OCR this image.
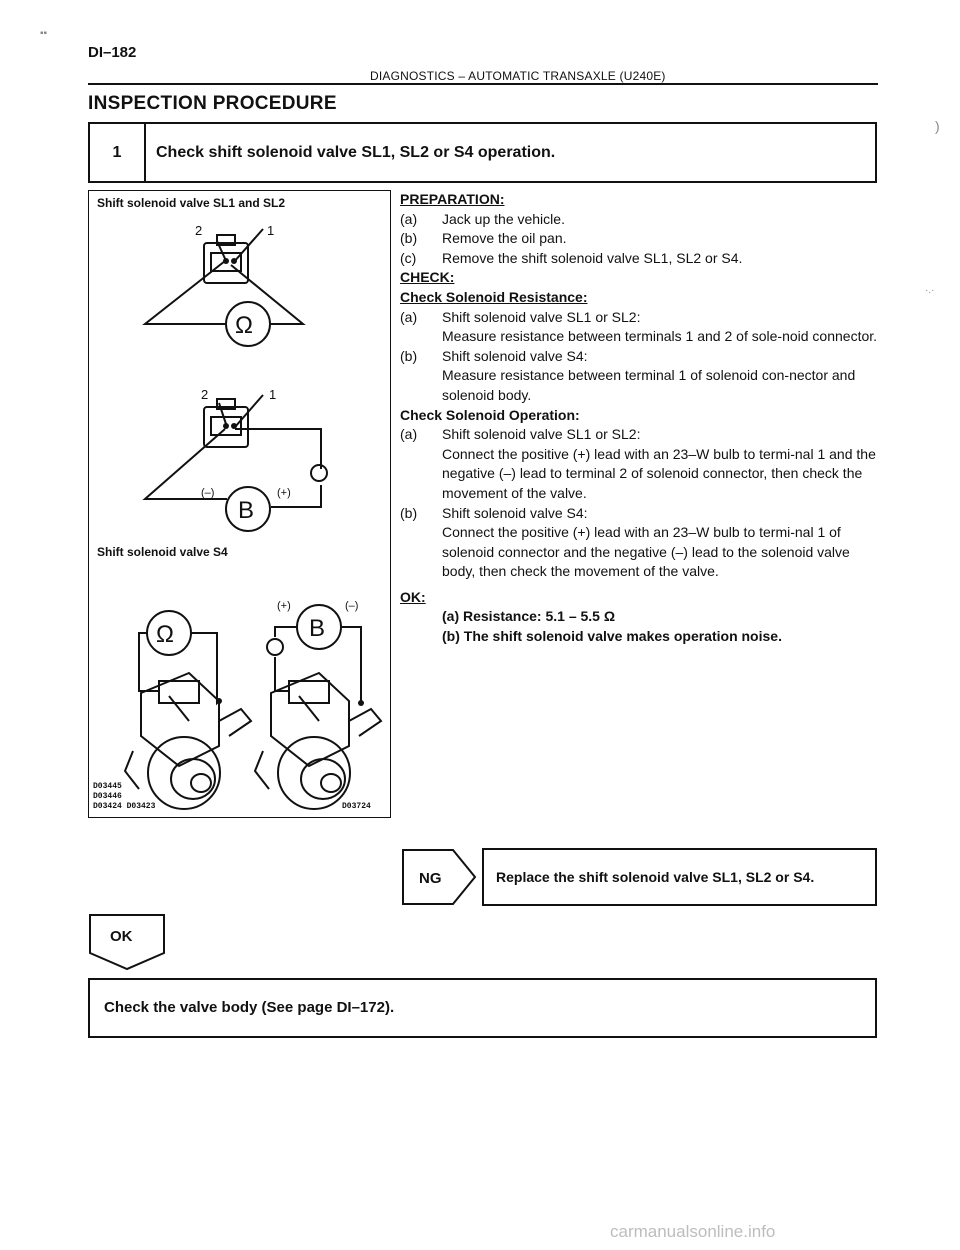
▪▪
DI–182
DIAGNOSTICS – AUTOMATIC TRANSAXLE (U240E)
INSPECTION PROCEDURE
1	Check shift solenoid valve SL1, SL2 or S4 operation.
Shift solenoid valve SL1 and SL2
2	1
Ω
2	1
B
(–)	(+)
Ω	B
(+)	(–)
Shift solenoid valve S4
D03445
D03446
D03424 D03423	D03724
PREPARATION:
(a)	Jack up the vehicle.
(b)	Remove the oil pan.
(c)	Remove the shift solenoid valve SL1, SL2 or S4.
CHECK:
Check Solenoid Resistance:
(a)	Shift solenoid valve SL1 or SL2:
Measure resistance between terminals 1 and 2 of sole-noid connector.
(b)	Shift solenoid valve S4:
Measure resistance between terminal 1 of solenoid con-nector and solenoid body.
Check Solenoid Operation:
(a)	Shift solenoid valve SL1 or SL2:
Connect the positive (+) lead with an 23–W bulb to termi-nal 1 and the negative (–) lead to terminal 2 of solenoid connector, then check the movement of the valve.
(b)	Shift solenoid valve S4:
Connect the positive (+) lead with an 23–W bulb to termi-nal 1 of solenoid connector and the negative (–) lead to the solenoid valve body, then check the movement of the valve.
OK:
(a) Resistance: 5.1 – 5.5 Ω
(b) The shift solenoid valve makes operation noise.
NG	Replace the shift solenoid valve SL1, SL2 or S4.
OK
Check the valve body (See page DI–172).
)
·.·
carmanualsonline.info
